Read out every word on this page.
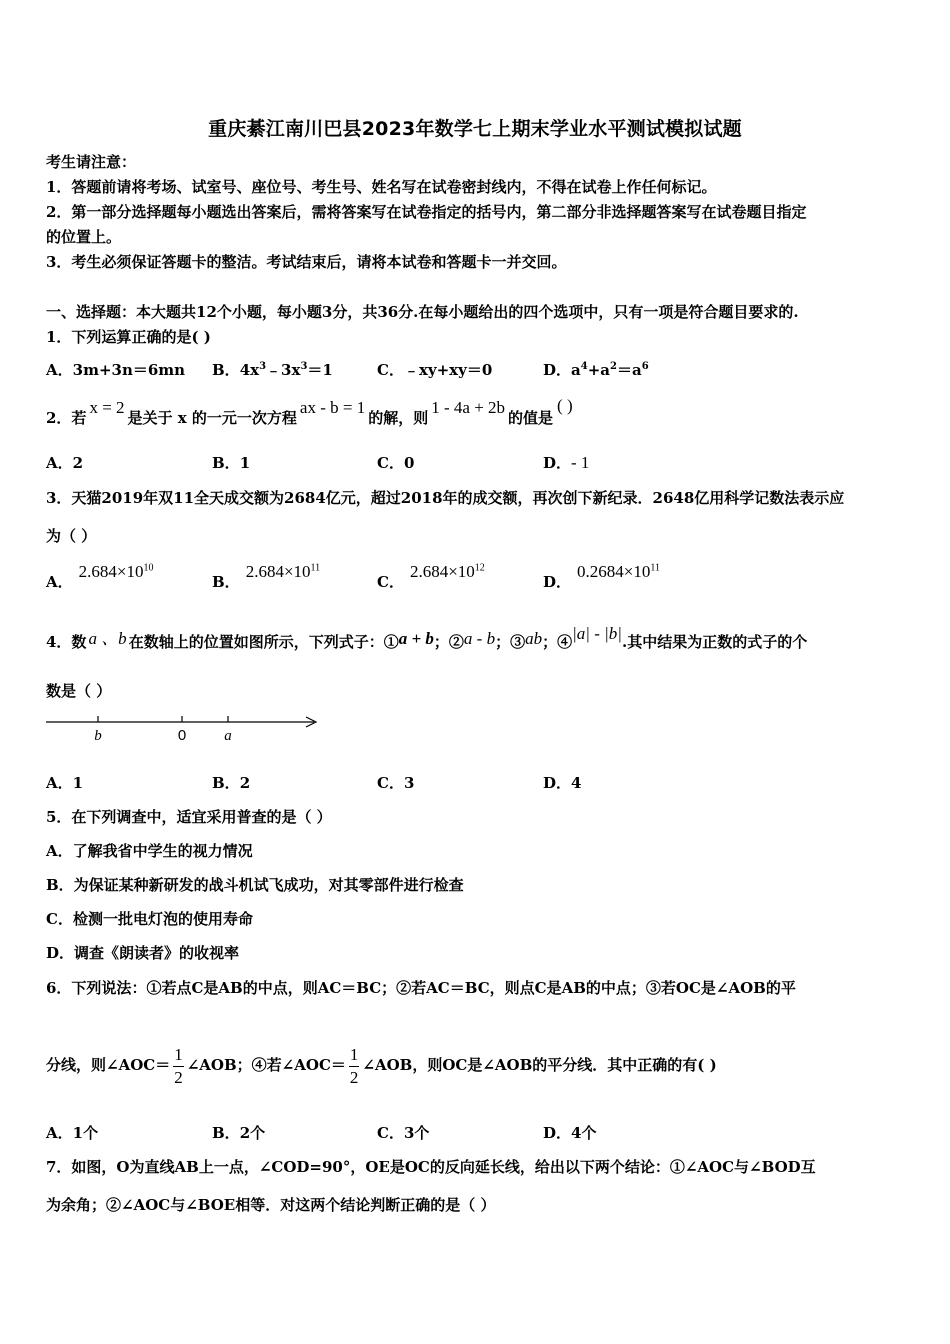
重庆綦江南川巴县2023年数学七上期末学业水平测试模拟试题
考生请注意：
1．答题前请将考场、试室号、座位号、考生号、姓名写在试卷密封线内，不得在试卷上作任何标记。
2．第一部分选择题每小题选出答案后，需将答案写在试卷指定的括号内，第二部分非选择题答案写在试卷题目指定
的位置上。
3．考生必须保证答题卡的整洁。考试结束后，请将本试卷和答题卡一并交回。
一、选择题：本大题共12个小题，每小题3分，共36分.在每小题给出的四个选项中，只有一项是符合题目要求的.
1．下列运算正确的是( )
A．3m+3n＝6mn B．$4x^3﹣3x^3=1$	C．﹣xy+xy＝0	D．$a^4+a^2=a^6$
2．若x = 2是关于 x 的一元一次方程ax - b = 1的解，则1 - 4a + 2b的值是( )
A．2	B．1	C．0	D．- 1
3．天猫2019年双11全天成交额为2684亿元，超过2018年的成交额，再次创下新纪录．2648亿用科学记数法表示应
为（ ）
A．$2.684\times 10^{10}$
B．$2.684\times 10^{11}$
C．$2.684\times 10^{12}$
D．$0.2684\times 10^{11}$
4．数 a 、b 在数轴上的位置如图所示，下列式子：①a + b；②a - b；③ab；④|a| - |b|.其中结果为正数的式子的个
数是（ ）
b	0	a
A．1	B．2	C．3	D．4
5．在下列调查中，适宜采用普查的是（ ）
A．了解我省中学生的视力情况
B．为保证某种新研发的战斗机试飞成功，对其零部件进行检查
C．检测一批电灯泡的使用寿命
D．调查《朗读者》的收视率
6．下列说法：①若点C是AB的中点，则AC＝BC；②若AC＝BC，则点C是AB的中点；③若OC是∠AOB的平
分线，则∠AOC＝ $\frac{1}{2}$ ∠AOB；④若∠AOC＝ $\frac{1}{2}$ ∠AOB，则OC是∠AOB的平分线．其中正确的有( )
A．1个	B．2个	C．3个	D．4个
7．如图，O为直线AB上一点，∠COD=90°，OE是OC的反向延长线，给出以下两个结论：①∠AOC与∠BOD互
为余角；②∠AOC与∠BOE相等．对这两个结论判断正确的是（ ）
